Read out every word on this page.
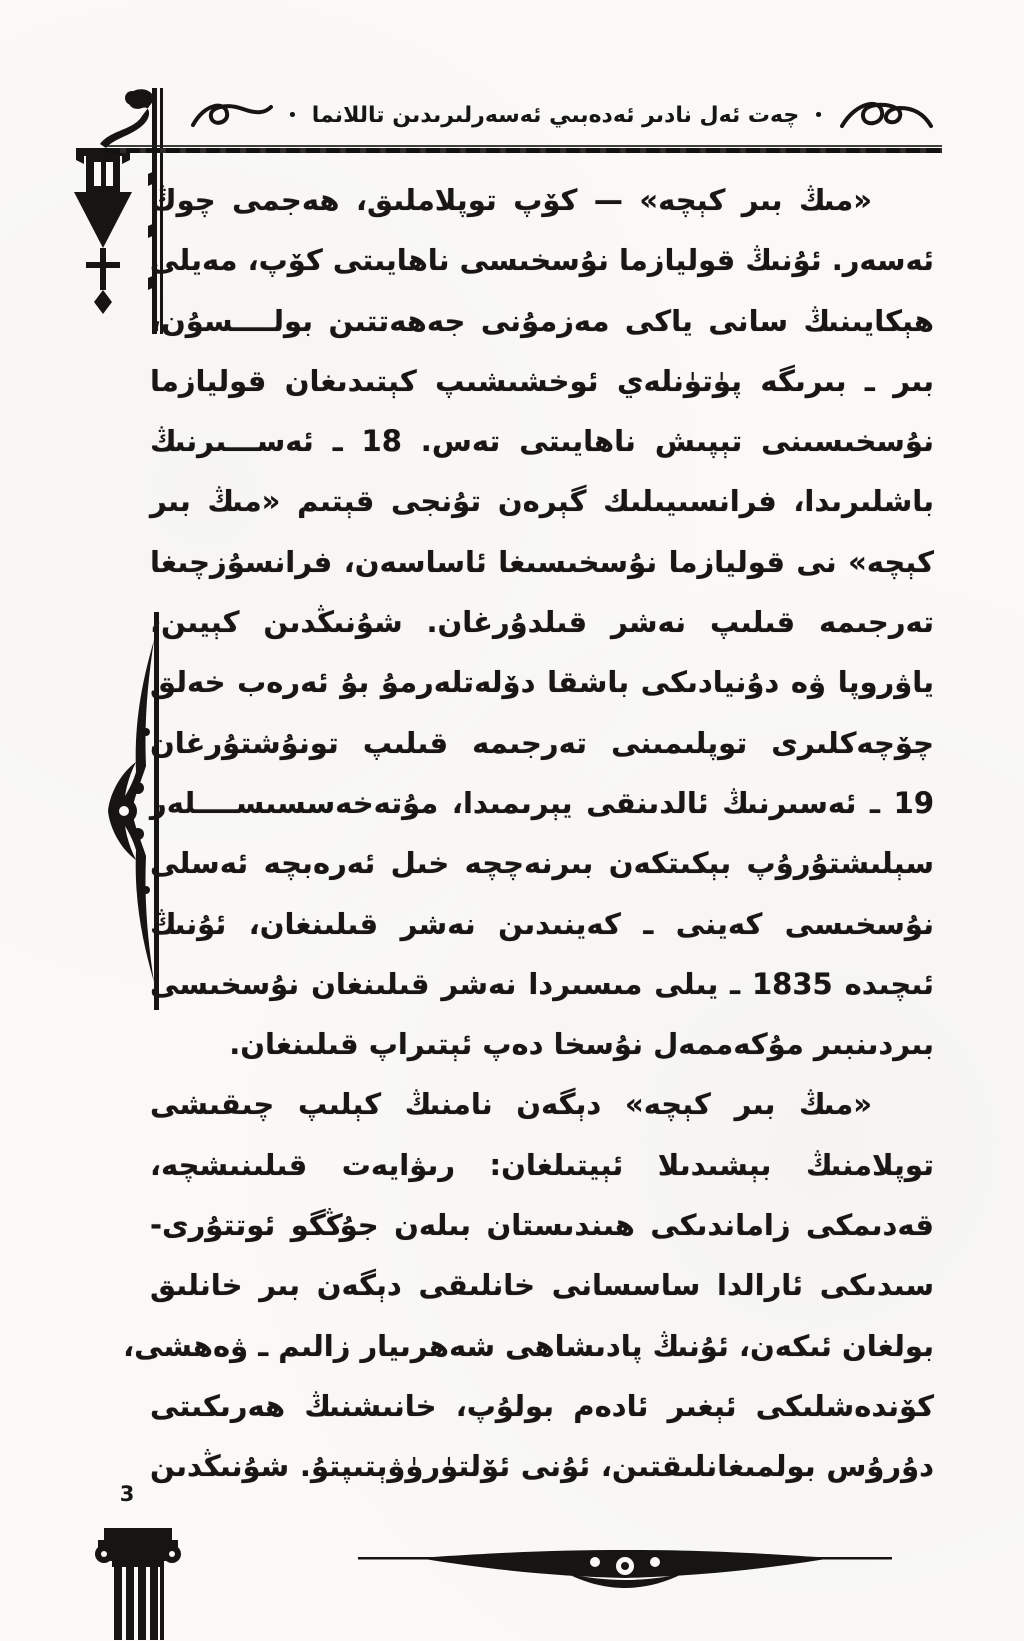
• چەت ئەل نادىر ئەدەبىي ئەسەرلىرىدىن تاللانما •
«مىڭ بىر كېچە» — كۆپ توپلاملىق، ھەجمى چوڭ
ئەسەر. ئۇنىڭ قوليازما نۇسخىسى ناھايىتى كۆپ، مەيلى
ھېكايىنىڭ سانى ياكى مەزمۇنى جەھەتتىن بولــــسۇن،
بىر ـ بىرىگە پۈتۈنلەي ئوخشىشىپ كېتىدىغان قوليازما
نۇسخىسىنى تېپىش ناھايىتى تەس. 18 ـ ئەســـىرنىڭ
باشلىرىدا، فرانسىيىلىك گېرەن تۇنجى قېتىم «مىڭ بىر
كېچە» نى قوليازما نۇسخىسىغا ئاساسەن، فرانسۇزچىغا
تەرجىمە قىلىپ نەشر قىلدۇرغان. شۇنىڭدىن كېيىن،
ياۋروپا ۋە دۇنيادىكى باشقا دۆلەتلەرمۇ بۇ ئەرەب خەلق
چۆچەكلىرى توپلىمىنى تەرجىمە قىلىپ تونۇشتۇرغان
19 ـ ئەسىرنىڭ ئالدىنقى يېرىمىدا، مۇتەخەسسىســــلەر
سېلىشتۇرۇپ بېكىتكەن بىرنەچچە خىل ئەرەبچە ئەسلى
نۇسخىسى كەينى ـ كەينىدىن نەشر قىلىنغان، ئۇنىڭ
ئىچىدە 1835 ـ يىلى مىسىردا نەشر قىلىنغان نۇسخىسى
بىردىنبىر مۇكەممەل نۇسخا دەپ ئېتىراپ قىلىنغان.
«مىڭ بىر كېچە» دېگەن نامنىڭ كېلىپ چىقىشى
توپلامنىڭ بېشىدىلا ئېيتىلغان: رىۋايەت قىلىنىشچە،
قەدىمكى زاماندىكى ھىندىستان بىلەن جۇڭگو ئوتتۇرى-
سىدىكى ئارالدا ساسسانى خانلىقى دېگەن بىر خانلىق
بولغان ئىكەن، ئۇنىڭ پادىشاھى شەھرىيار زالىم ـ ۋەھشى،
كۆندەشلىكى ئېغىر ئادەم بولۇپ، خانىشنىڭ ھەرىكىتى
دۇرۇس بولمىغانلىقتىن، ئۇنى ئۆلتۈرۈۋېتىپتۇ. شۇنىڭدىن
3
